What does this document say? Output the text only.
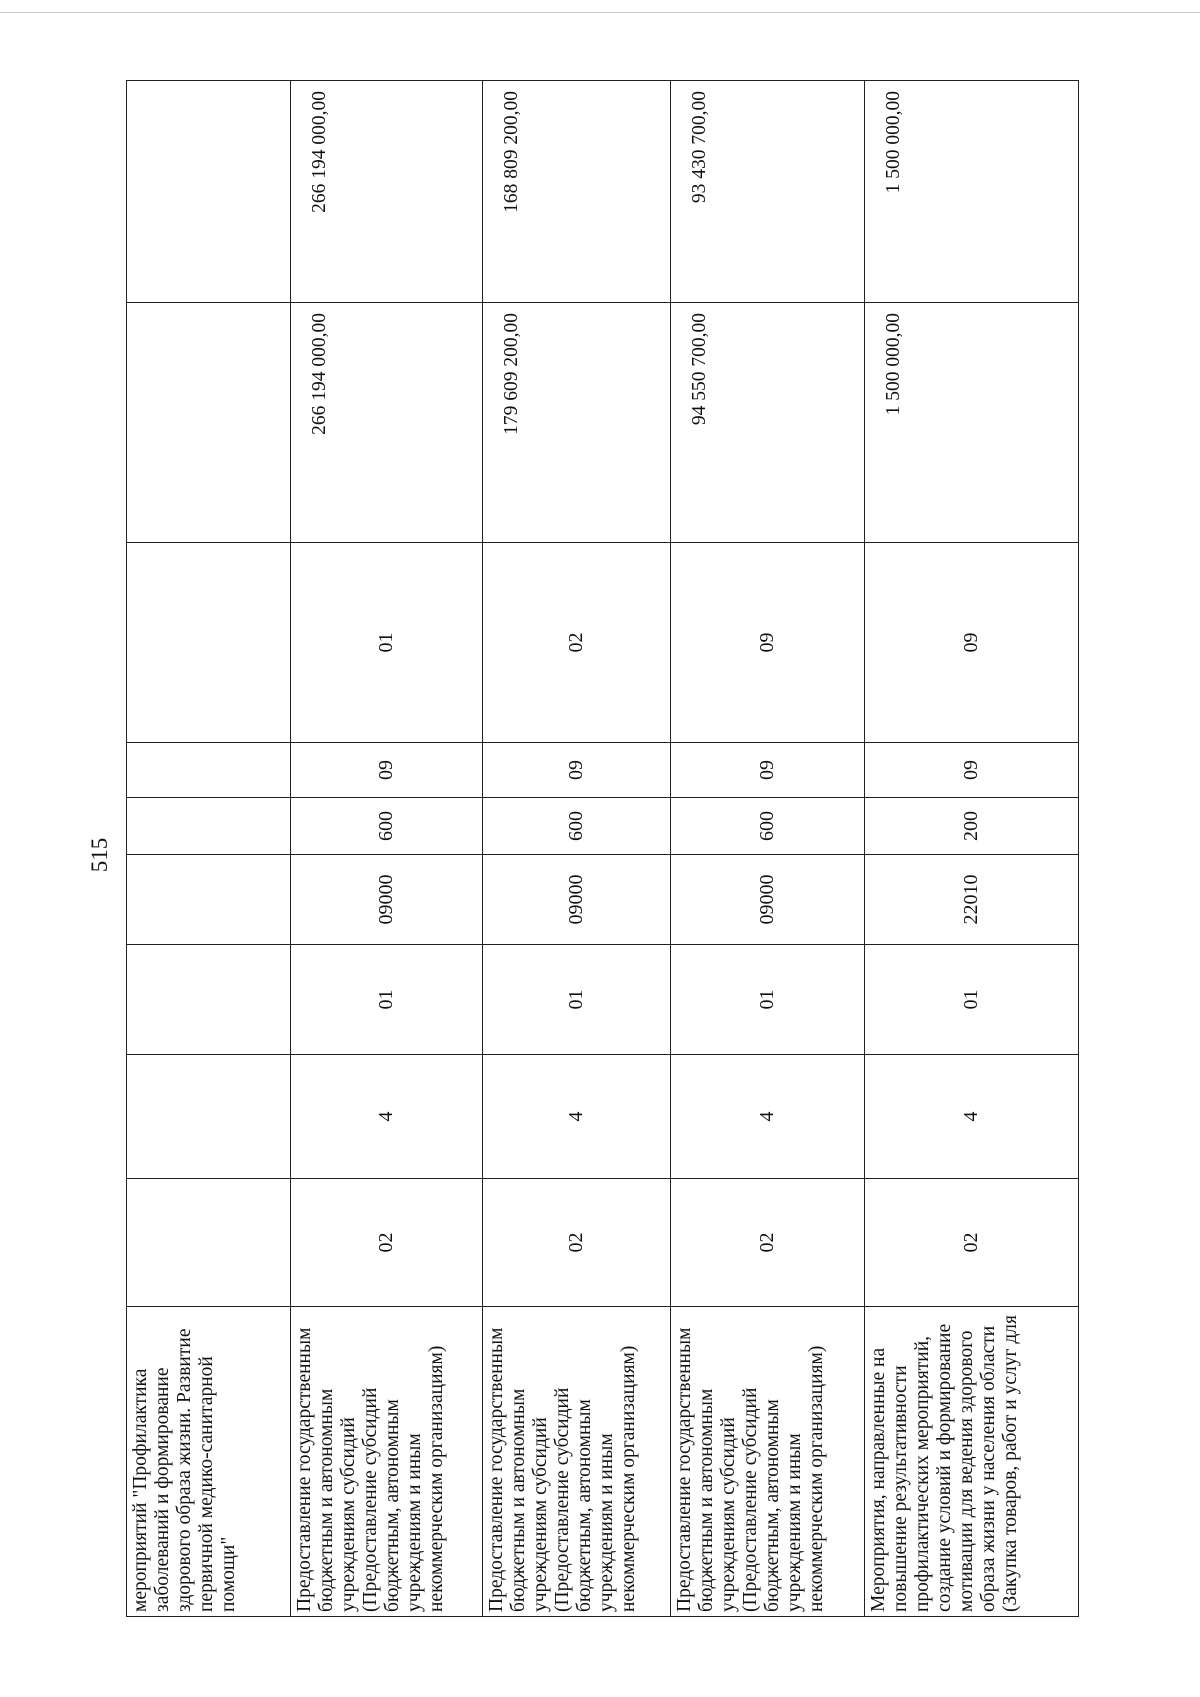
515
мероприятий "Профилактика заболеваний и формирование здорового образа жизни. Развитие первичной медико-санитарной помощи"										
Предоставление государственным бюджетным и автономным учреждениям субсидий (Предоставление субсидий бюджетным, автономным учреждениям и иным некоммерческим организациям)	02	4	01	09000	600	09	01	266 194 000,00	266 194 000,00	
Предоставление государственным бюджетным и автономным учреждениям субсидий (Предоставление субсидий бюджетным, автономным учреждениям и иным некоммерческим организациям)	02	4	01	09000	600	09	02	179 609 200,00	168 809 200,00	
Предоставление государственным бюджетным и автономным учреждениям субсидий (Предоставление субсидий бюджетным, автономным учреждениям и иным некоммерческим организациям)	02	4	01	09000	600	09	09	94 550 700,00	93 430 700,00	
Мероприятия, направленные на повышение результативности профилактических мероприятий, создание условий и формирование мотивации для ведения здорового образа жизни у населения области (Закупка товаров, работ и услуг для	02	4	01	22010	200	09	09	1 500 000,00	1 500 000,00	
